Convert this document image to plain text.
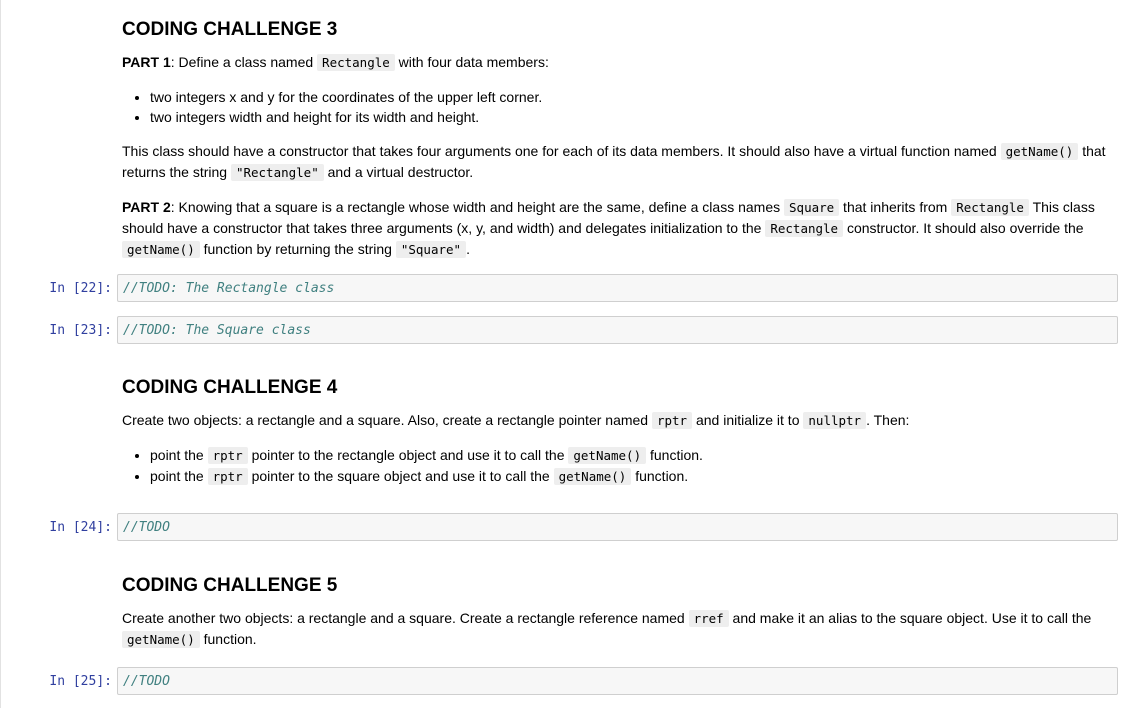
CODING CHALLENGE 3

PART 1: Define a class named Rectangle with four data members:

• two integers x and y for the coordinates of the upper left corner.
• two integers width and height for its width and height.

This class should have a constructor that takes four arguments one for each of its data members. It should also have a virtual function named getName() that returns the string "Rectangle" and a virtual destructor.

PART 2: Knowing that a square is a rectangle whose width and height are the same, define a class names Square that inherits from Rectangle This class should have a constructor that takes three arguments (x, y, and width) and delegates initialization to the Rectangle constructor. It should also override the getName() function by returning the string "Square" .

In [22]: //TODO: The Rectangle class
In [23]: //TODO: The Square class
CODING CHALLENGE 4

Create two objects: a rectangle and a square. Also, create a rectangle pointer named rptr and initialize it to nullptr . Then:

• point the rptr pointer to the rectangle object and use it to call the getName() function.
• point the rptr pointer to the square object and use it to call the getName() function.
In [24]: //TODO
CODING CHALLENGE 5

Create another two objects: a rectangle and a square. Create a rectangle reference named rref and make it an alias to the square object. Use it to call the getName() function.

In [25]: //TODO
